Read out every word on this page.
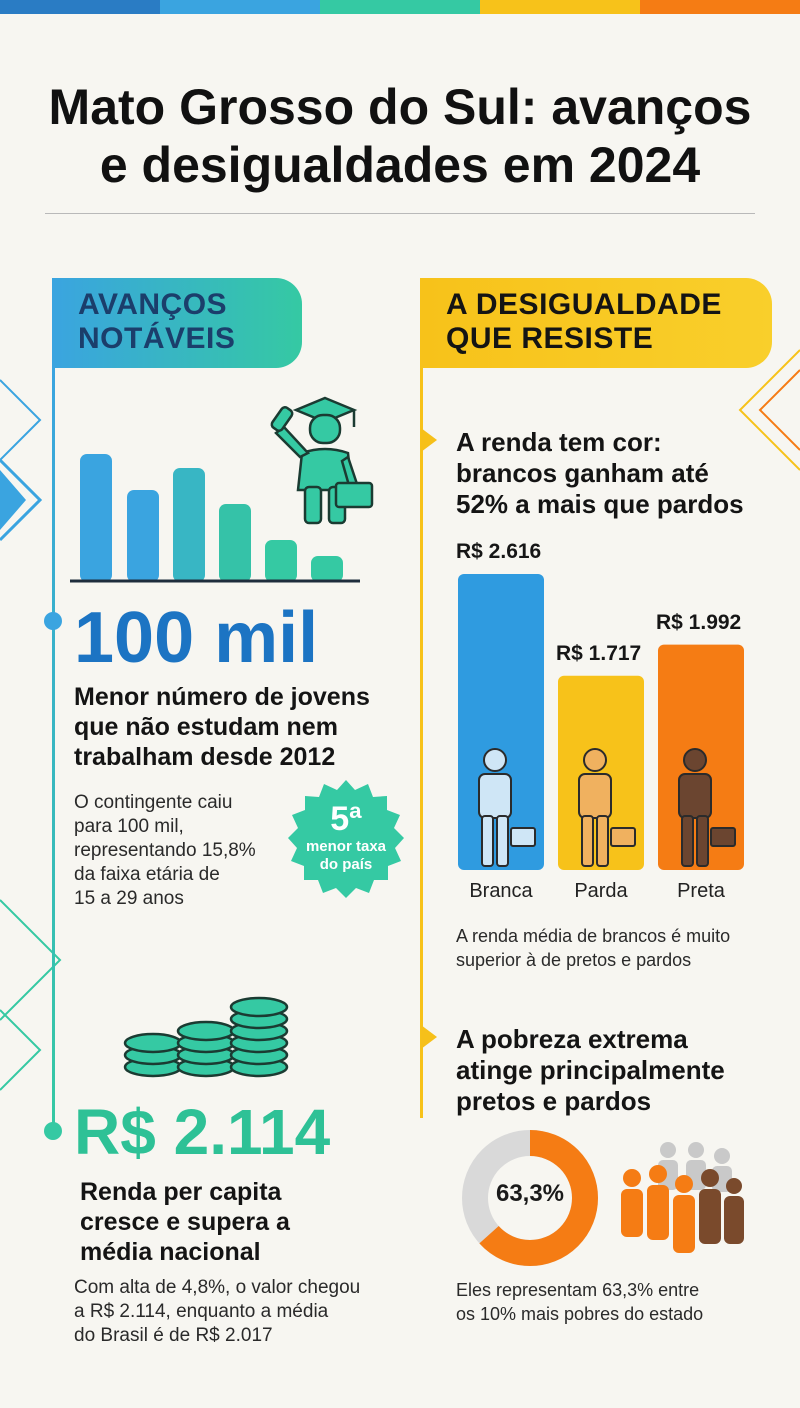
Mato Grosso do Sul: avanços
e desigualdades em 2024
AVANÇOS
NOTÁVEIS
100 mil
Menor número de jovens
que não estudam nem
trabalham desde 2012
O contingente caiu
para 100 mil,
representando 15,8%
da faixa etária de
15 a 29 anos
5ª
menor taxa
do país
R$ 2.114
Renda per capita
cresce e supera a
média nacional
Com alta de 4,8%, o valor chegou
a R$ 2.114, enquanto a média
do Brasil é de R$ 2.017
A DESIGUALDADE
QUE RESISTE
A renda tem cor:
brancos ganham até
52% a mais que pardos
R$ 2.616
Branca
R$ 1.717
Parda
R$ 1.992
Preta
A renda média de brancos é muito
superior à de pretos e pardos
A pobreza extrema
atinge principalmente
pretos e pardos
63,3%
Eles representam 63,3% entre
os 10% mais pobres do estado
